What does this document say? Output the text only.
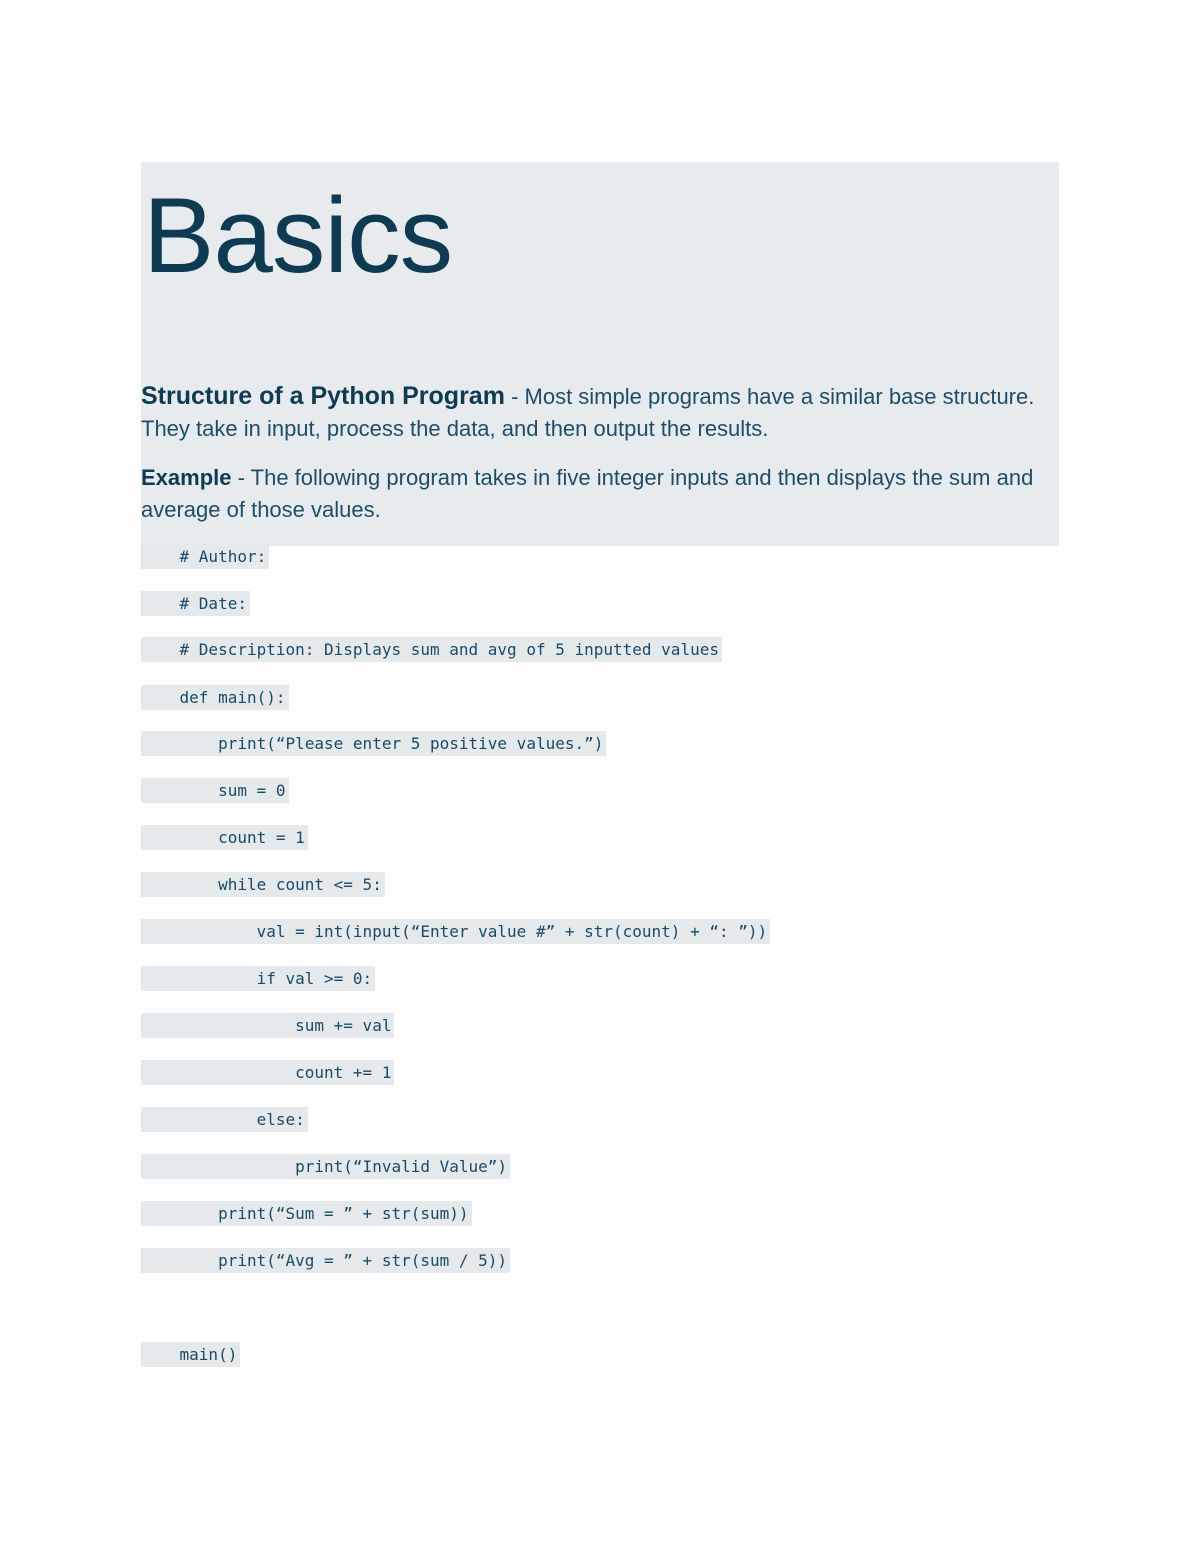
Basics

Structure of a Python Program - Most simple programs have a similar base structure. They take in input, process the data, and then output the results.

Example - The following program takes in five integer inputs and then displays the sum and average of those values.

# Author:
# Date:
# Description: Displays sum and avg of 5 inputted values
def main():
print(“Please enter 5 positive values.”)
sum = 0
count = 1
while count <= 5:
val = int(input(“Enter value #” + str(count) + “: ”))
if val >= 0:
sum += val
count += 1
else:
print(“Invalid Value”)
print(“Sum = ” + str(sum))
print(“Avg = ” + str(sum / 5))
main()
